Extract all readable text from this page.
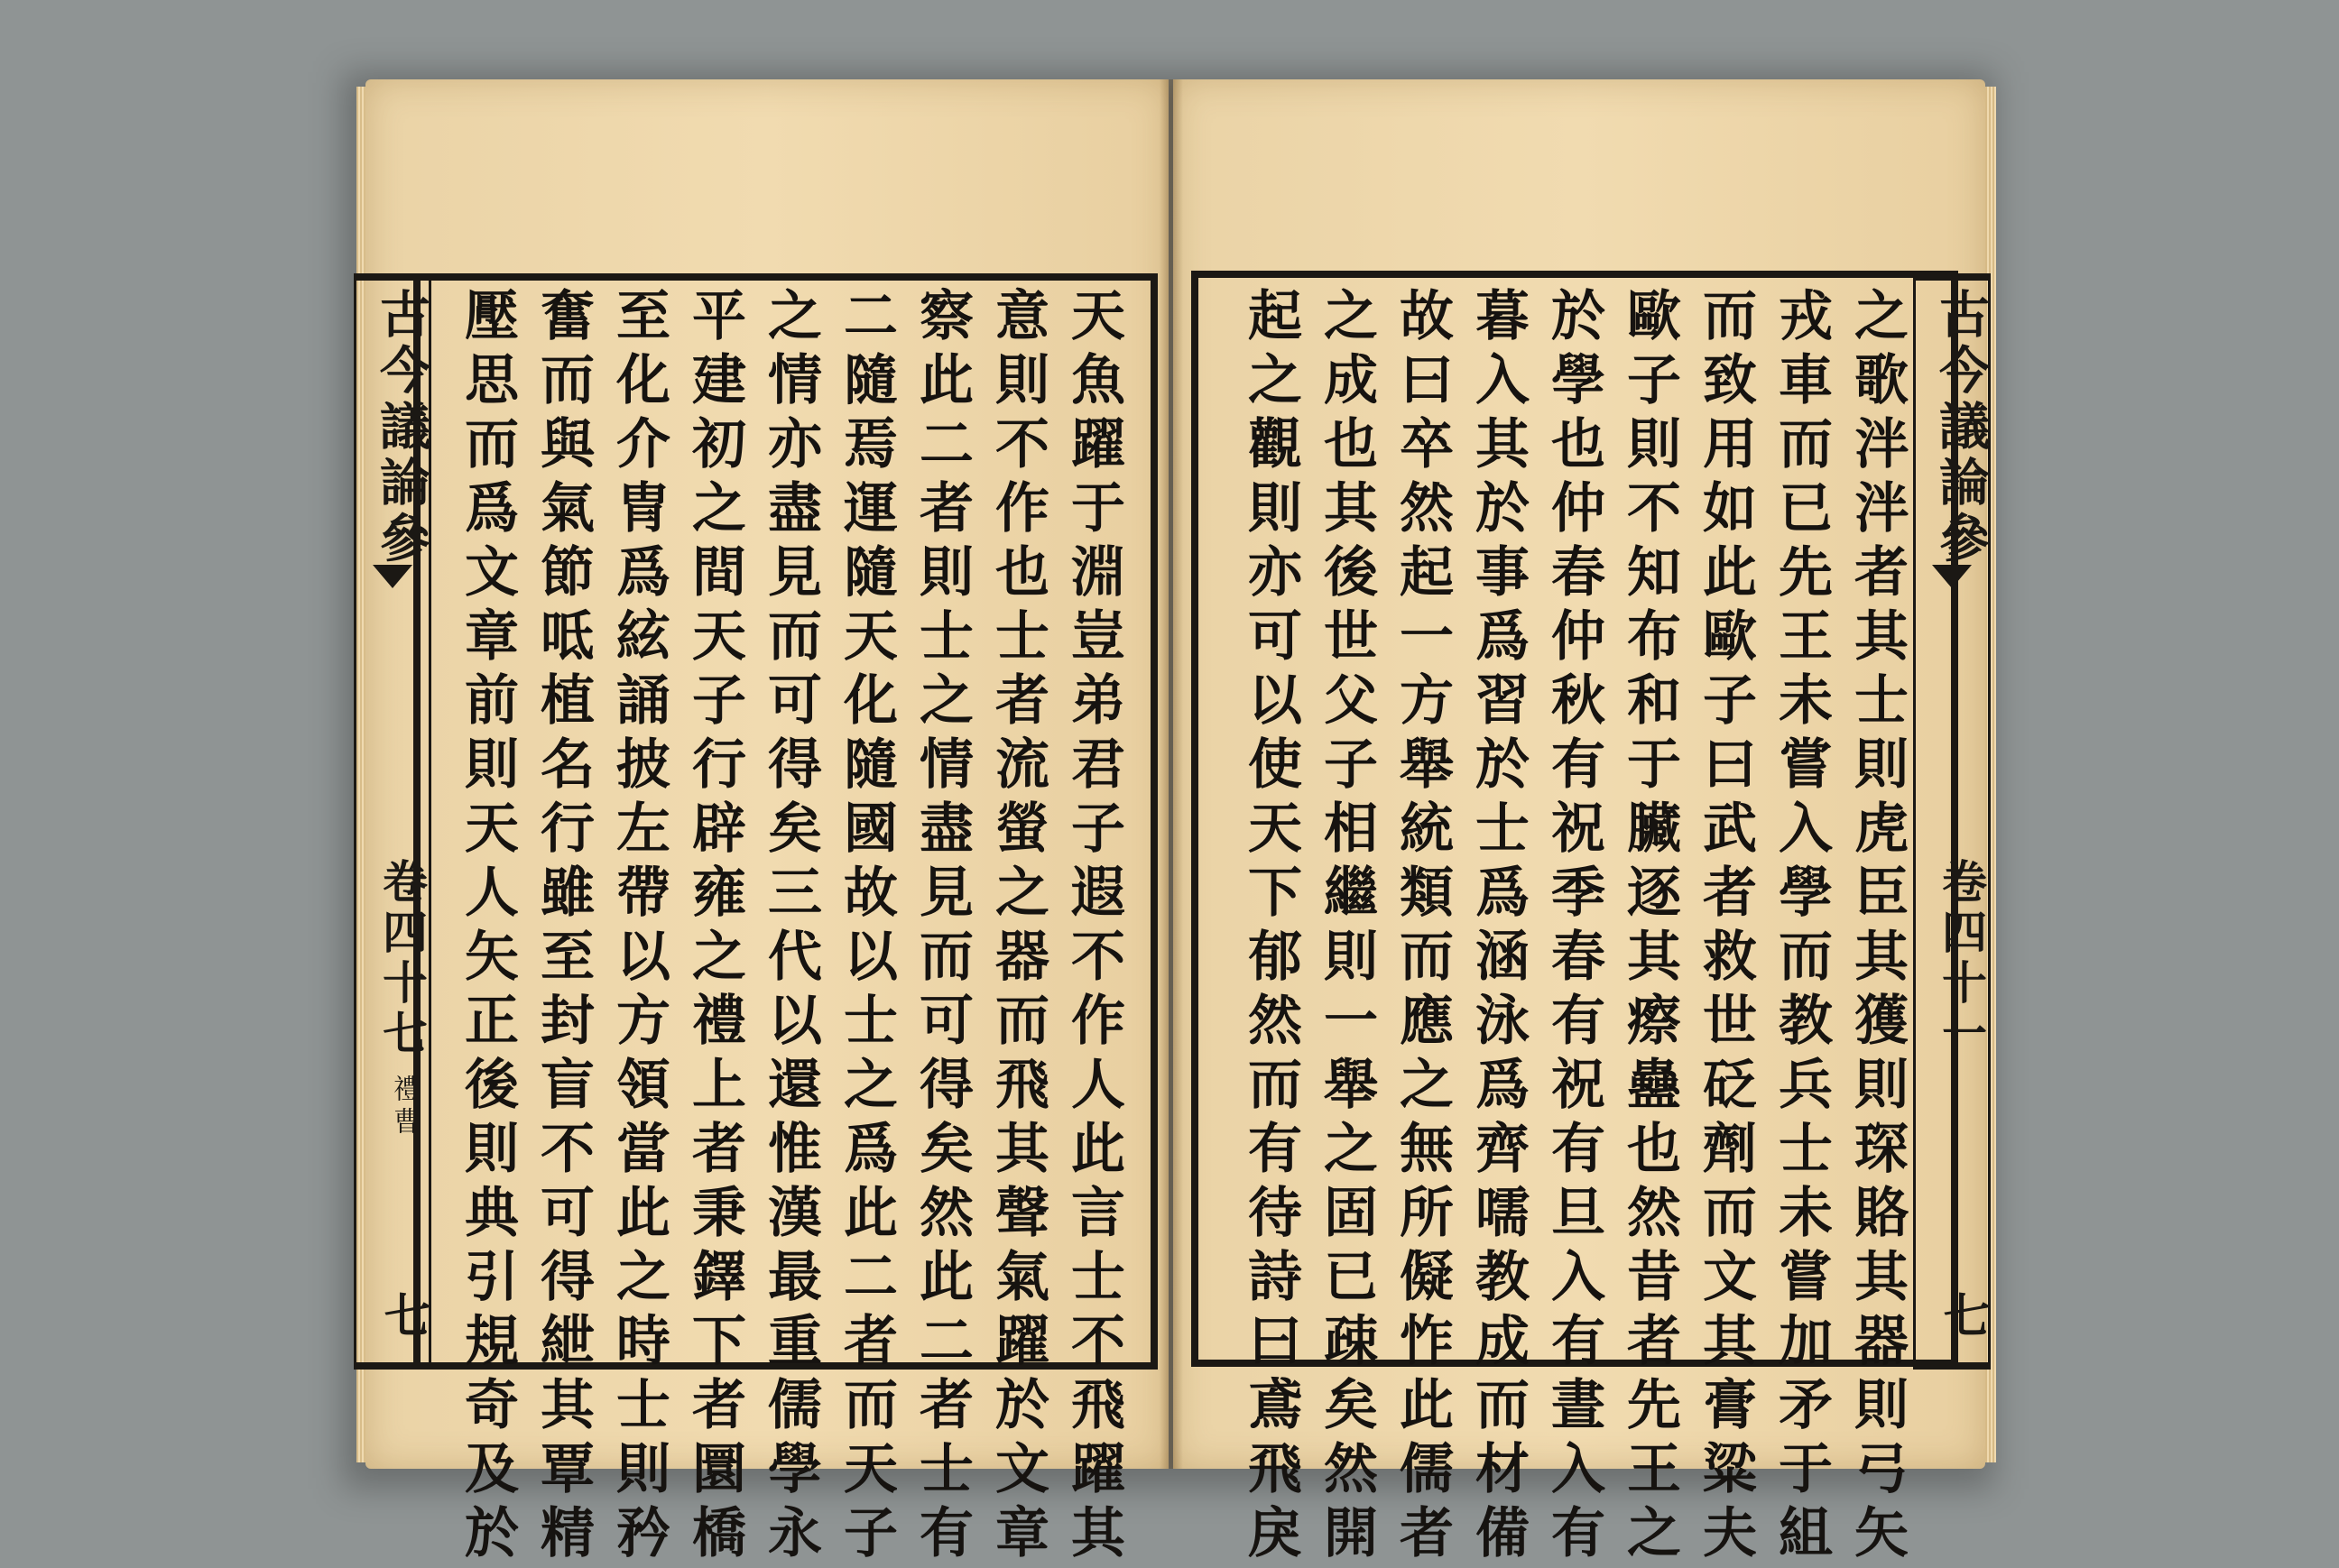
古今議論參
卷四十七
禮曹
七	天魚躍于淵豈弟君子遐不作人此言士不飛躍其
意則不作也士者流螢之器而飛其聲氣躍於文章
察此二者則士之情盡見而可得矣然此二者士有
二隨焉運隨天化隨國故以士之爲此二者而天子
之情亦盡見而可得矣三代以還惟漢最重儒學永
平建初之間天子行辟雍之禮上者秉鐸下者圜橋
至化介冑爲絃誦披左帶以方領當此之時士則矜
奮而與氣節呧植名行雖至封盲不可得紲其覃精
壓思而爲文章前則天人矢正後則典引規奇及於	之歌泮泮者其士則虎臣其獲則琛賂其器則弓矢
戎車而已先王未嘗入學而教兵士未嘗加矛于組
而致用如此歐子曰武者救世砭劑而文其膏粱夫
歐子則不知布和于臟逐其瘵蠱也然昔者先王之
於學也仲春仲秋有祝季春有祝有旦入有晝入有
暮入其於事爲習於士爲涵泳爲齊嚅教成而材備
故曰卒然起一方舉統類而應之無所儗怍此儒者
之成也其後世父子相繼則一舉之固已疎矣然開
起之觀則亦可以使天下郁然而有待詩曰鳶飛戾	古今議論參
卷四十一
七
